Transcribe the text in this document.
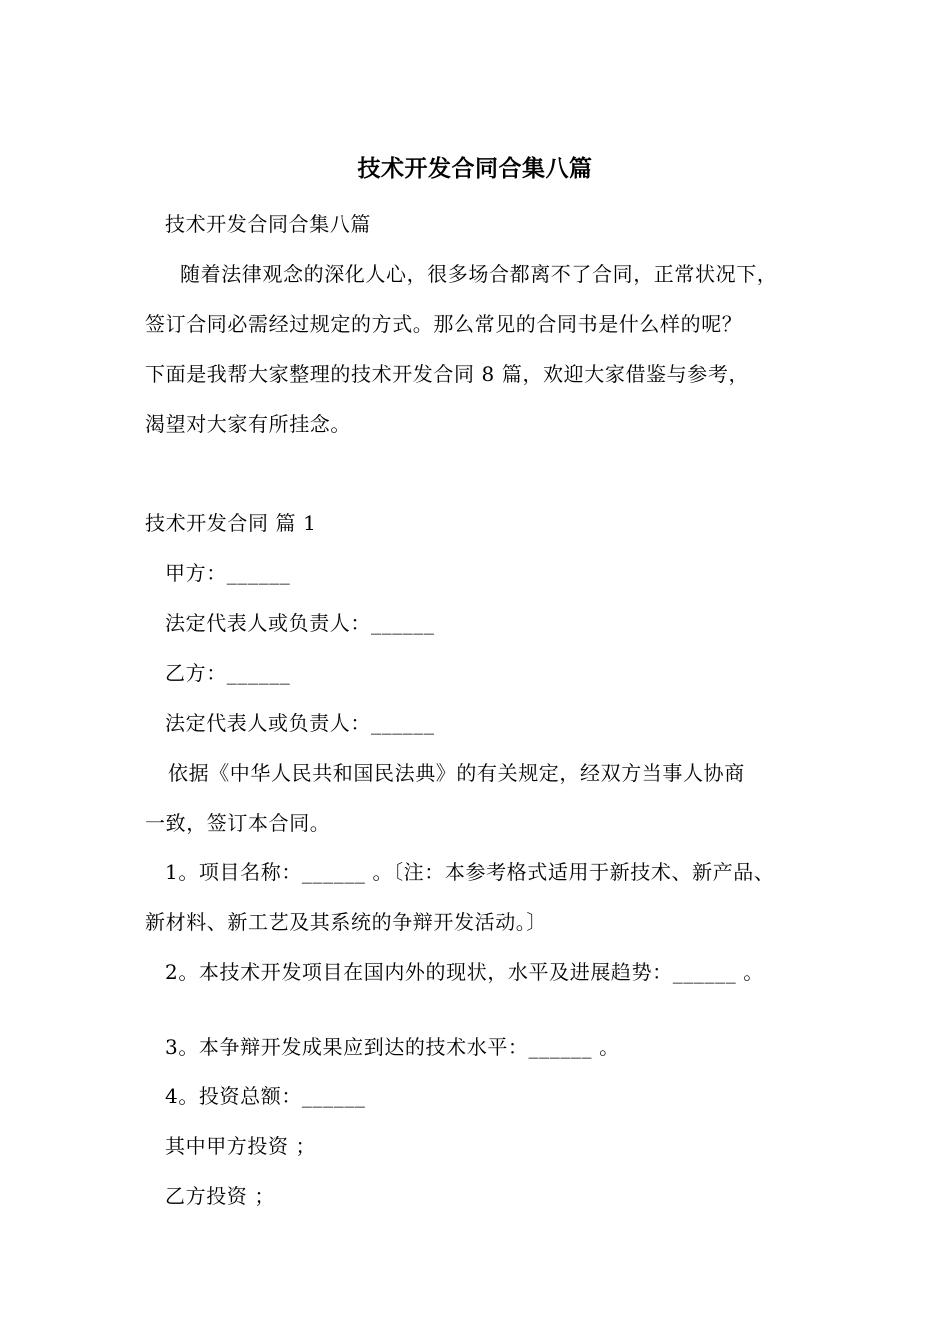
技术开发合同合集八篇
技术开发合同合集八篇
随着法律观念的深化人心，很多场合都离不了合同，正常状况下，
签订合同必需经过规定的方式。那么常见的合同书是什么样的呢？
下面是我帮大家整理的技术开发合同 8 篇，欢迎大家借鉴与参考，
渴望对大家有所挂念。
技术开发合同 篇 1
甲方：______
法定代表人或负责人：______
乙方：______
法定代表人或负责人：______
依据《中华人民共和国民法典》的有关规定，经双方当事人协商
一致，签订本合同。
1。项目名称：______ 。〔注：本参考格式适用于新技术、新产品、
新材料、新工艺及其系统的争辩开发活动。〕
2。本技术开发项目在国内外的现状，水平及进展趋势：______ 。
3。本争辩开发成果应到达的技术水平：______ 。
4。投资总额：______
其中甲方投资 ；
乙方投资 ；
